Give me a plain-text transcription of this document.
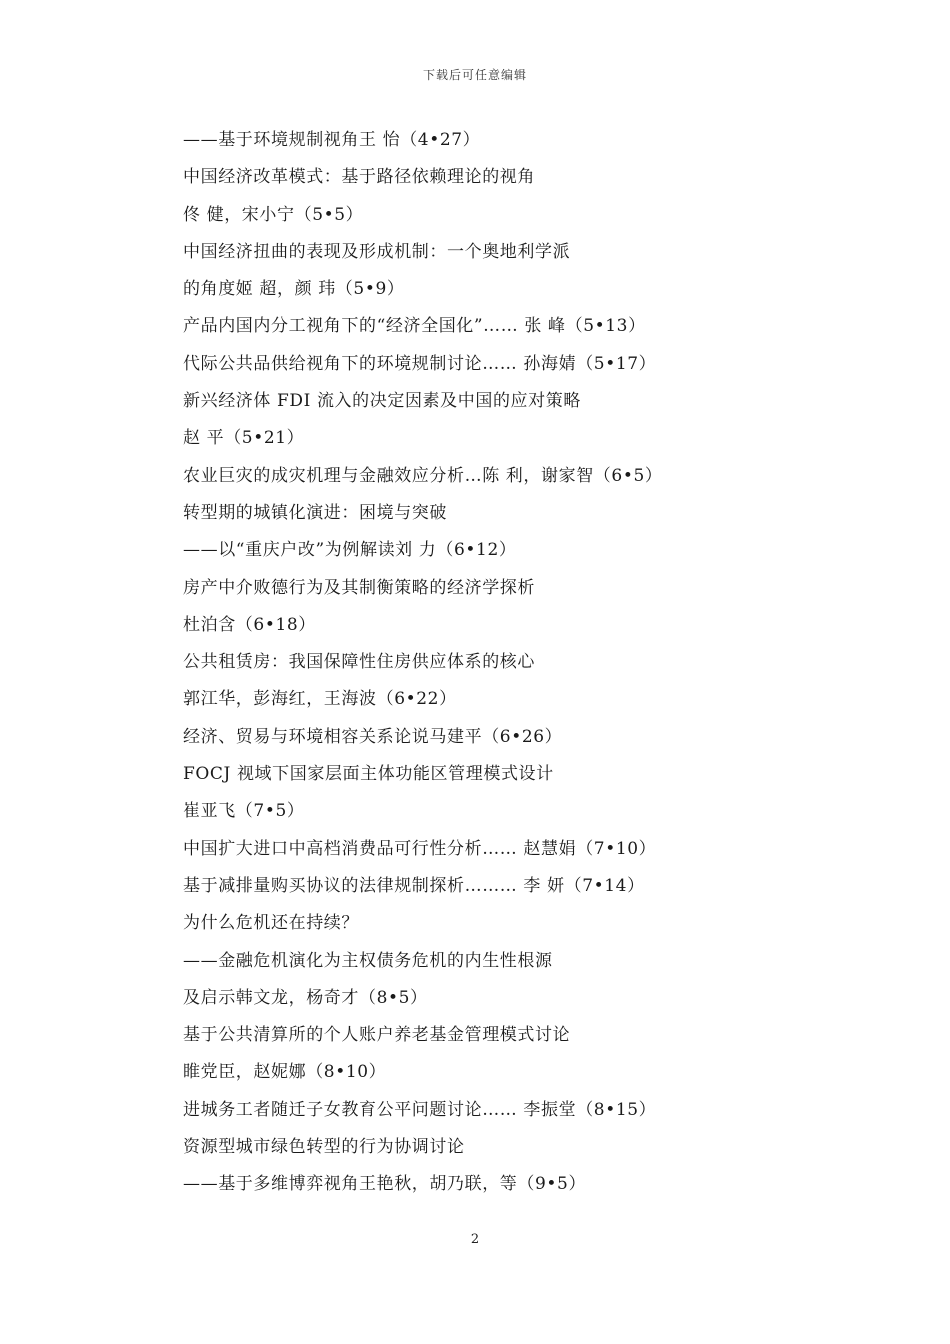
下载后可任意编辑
——基于环境规制视角王 怡（4•27）
中国经济改革模式：基于路径依赖理论的视角
佟 健，宋小宁（5•5）
中国经济扭曲的表现及形成机制：一个奥地利学派
的角度姬 超，颜 玮（5•9）
产品内国内分工视角下的“经济全国化”…… 张 峰（5•13）
代际公共品供给视角下的环境规制讨论…… 孙海婧（5•17）
新兴经济体 FDI 流入的决定因素及中国的应对策略
赵 平（5•21）
农业巨灾的成灾机理与金融效应分析…陈 利，谢家智（6•5）
转型期的城镇化演进：困境与突破
——以“重庆户改”为例解读刘 力（6•12）
房产中介败德行为及其制衡策略的经济学探析
杜泊含（6•18）
公共租赁房：我国保障性住房供应体系的核心
郭江华，彭海红，王海波（6•22）
经济、贸易与环境相容关系论说马建平（6•26）
FOCJ 视域下国家层面主体功能区管理模式设计
崔亚飞（7•5）
中国扩大进口中高档消费品可行性分析…… 赵慧娟（7•10）
基于减排量购买协议的法律规制探析……… 李 妍（7•14）
为什么危机还在持续？
——金融危机演化为主权债务危机的内生性根源
及启示韩文龙，杨奇才（8•5）
基于公共清算所的个人账户养老基金管理模式讨论
睢党臣，赵妮娜（8•10）
进城务工者随迁子女教育公平问题讨论…… 李振堂（8•15）
资源型城市绿色转型的行为协调讨论
——基于多维博弈视角王艳秋，胡乃联，等（9•5）
2
